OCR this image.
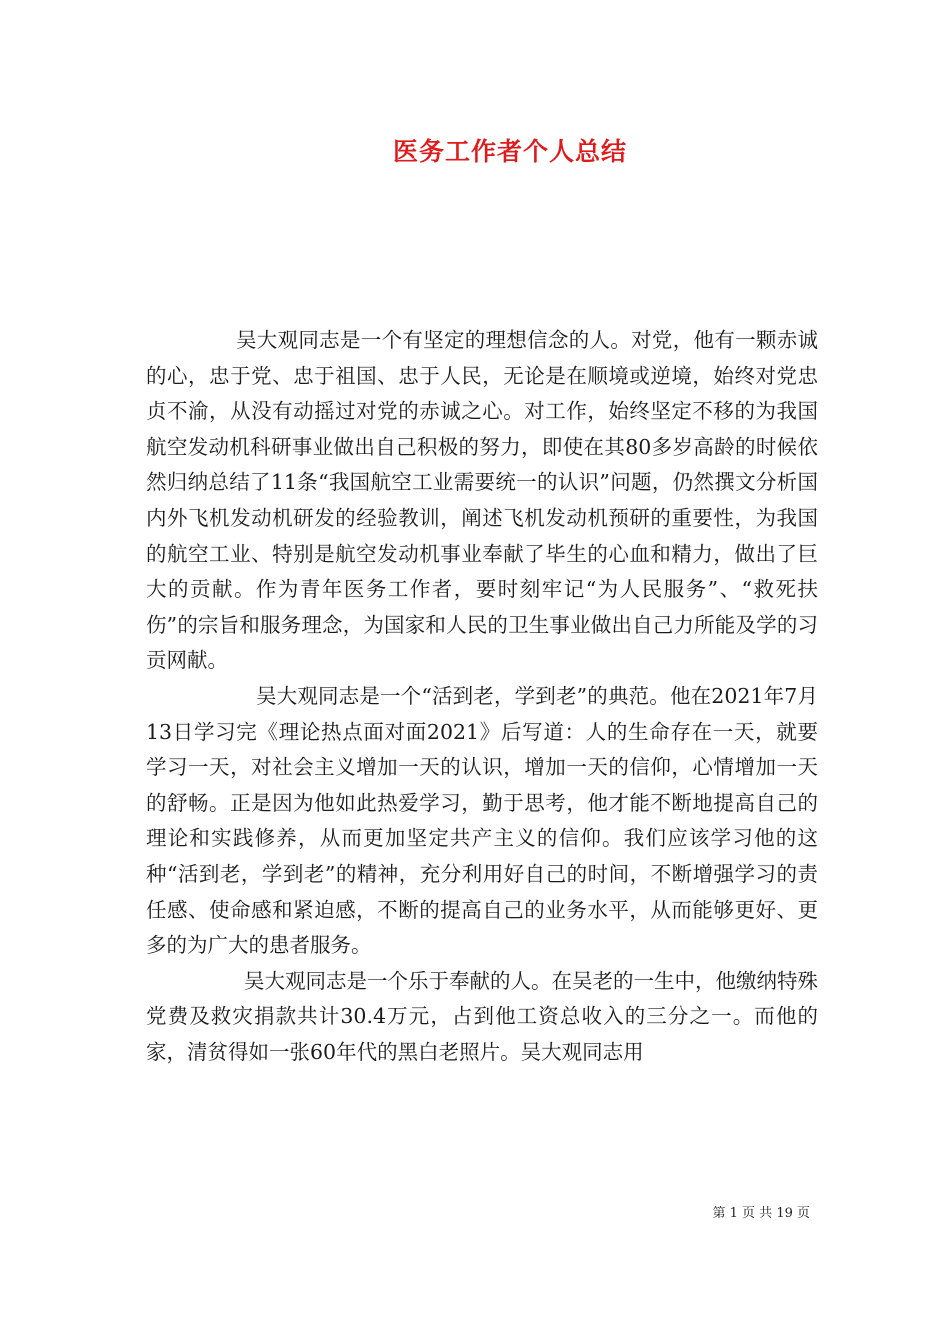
医务工作者个人总结

吴大观同志是一个有坚定的理想信念的人。对党，他有一颗赤诚的心，忠于党、忠于祖国、忠于人民，无论是在顺境或逆境，始终对党忠贞不渝，从没有动摇过对党的赤诚之心。对工作，始终坚定不移的为我国航空发动机科研事业做出自己积极的努力，即使在其80多岁高龄的时候依然归纳总结了11条“我国航空工业需要统一的认识”问题，仍然撰文分析国内外飞机发动机研发的经验教训，阐述飞机发动机预研的重要性，为我国的航空工业、特别是航空发动机事业奉献了毕生的心血和精力，做出了巨大的贡献。作为青年医务工作者，要时刻牢记“为人民服务”、“救死扶伤”的宗旨和服务理念，为国家和人民的卫生事业做出自己力所能及学的习贡网献。

吴大观同志是一个“活到老，学到老”的典范。他在2021年7月13日学习完《理论热点面对面2021》后写道：人的生命存在一天，就要学习一天，对社会主义增加一天的认识，增加一天的信仰，心情增加一天的舒畅。正是因为他如此热爱学习，勤于思考，他才能不断地提高自己的理论和实践修养，从而更加坚定共产主义的信仰。我们应该学习他的这种“活到老，学到老”的精神，充分利用好自己的时间，不断增强学习的责任感、使命感和紧迫感，不断的提高自己的业务水平，从而能够更好、更多的为广大的患者服务。

吴大观同志是一个乐于奉献的人。在吴老的一生中，他缴纳特殊党费及救灾捐款共计30.4万元，占到他工资总收入的三分之一。而他的家，清贫得如一张60年代的黑白老照片。吴大观同志用

第 1 页 共 19 页
